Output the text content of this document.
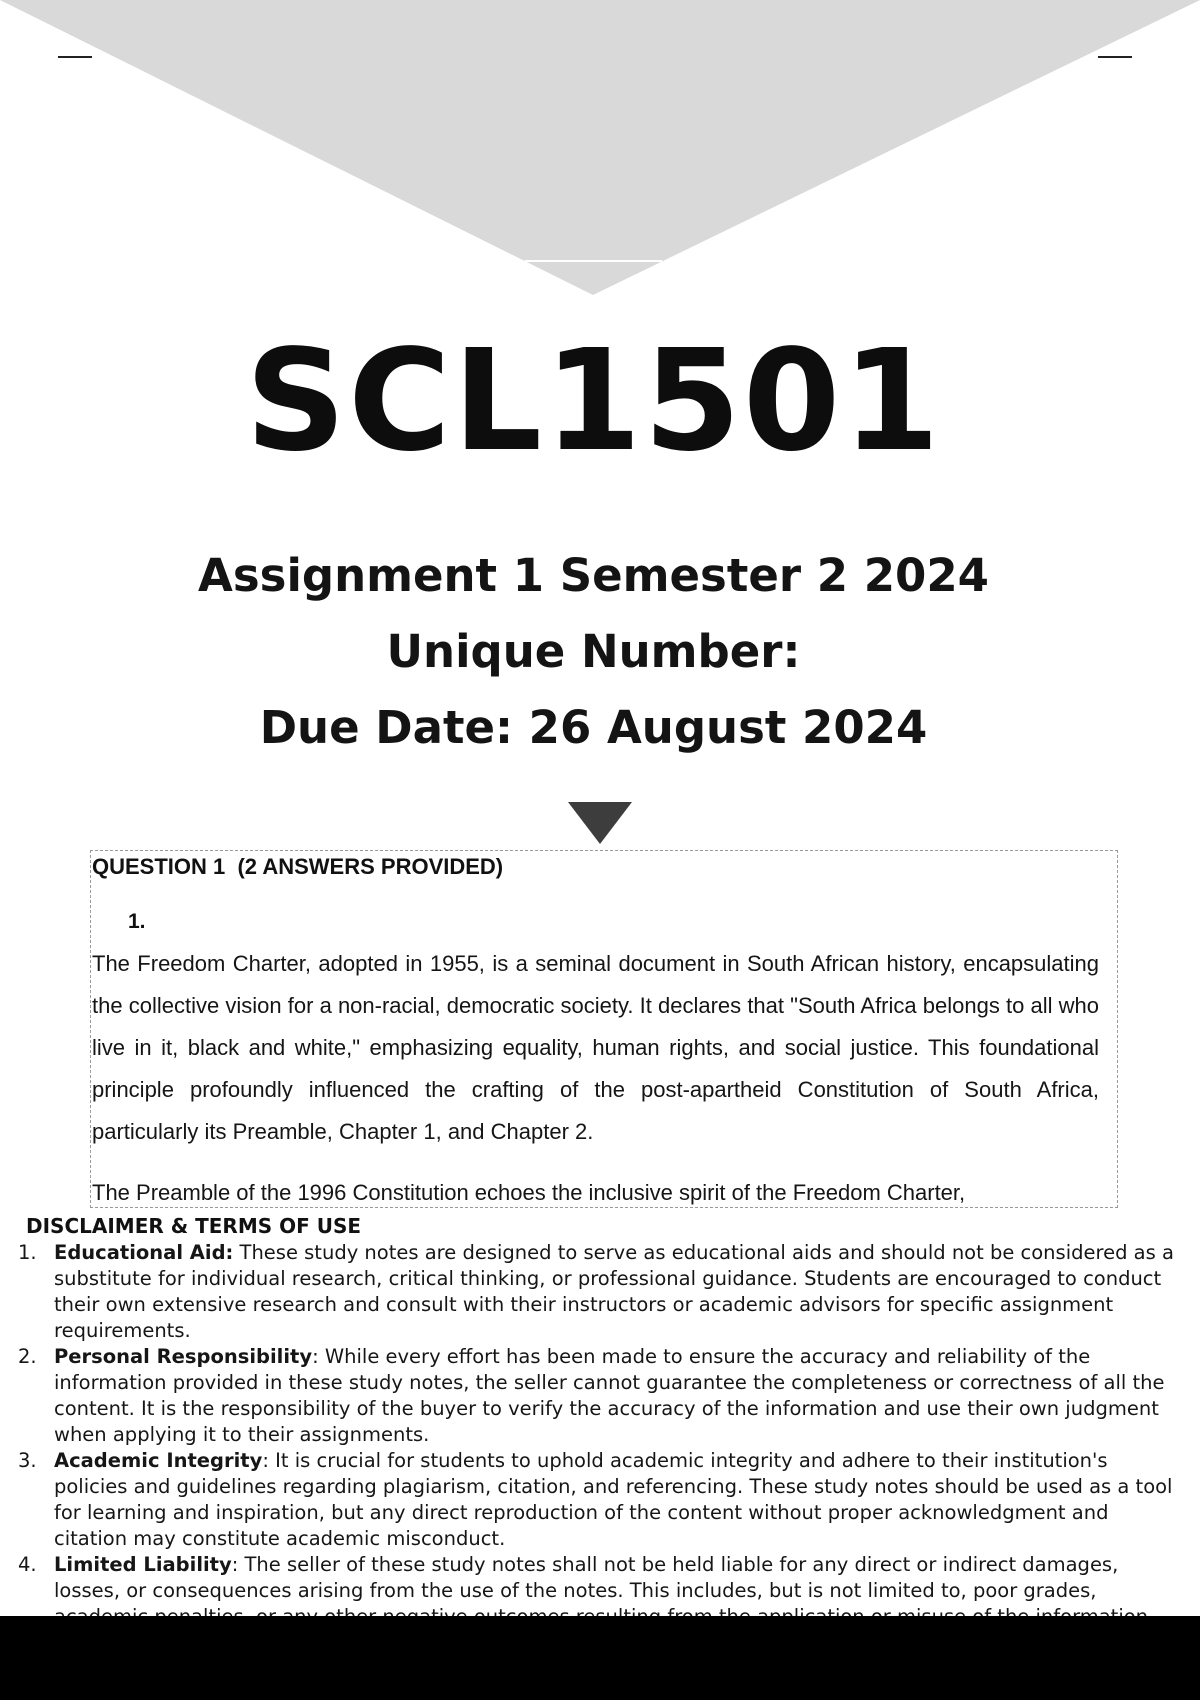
SCL1501
Assignment 1 Semester 2 2024
Unique Number:
Due Date: 26 August 2024
QUESTION 1  (2 ANSWERS PROVIDED)
1.

The Freedom Charter, adopted in 1955, is a seminal document in South African history, encapsulating the collective vision for a non-racial, democratic society. It declares that "South Africa belongs to all who live in it, black and white," emphasizing equality, human rights, and social justice. This foundational principle profoundly influenced the crafting of the post-apartheid Constitution of South Africa, particularly its Preamble, Chapter 1, and Chapter 2.

The Preamble of the 1996 Constitution echoes the inclusive spirit of the Freedom Charter,

DISCLAIMER & TERMS OF USE
1. Educational Aid: These study notes are designed to serve as educational aids and should not be considered as a substitute for individual research, critical thinking, or professional guidance. Students are encouraged to conduct their own extensive research and consult with their instructors or academic advisors for specific assignment requirements.
2. Personal Responsibility: While every effort has been made to ensure the accuracy and reliability of the information provided in these study notes, the seller cannot guarantee the completeness or correctness of all the content. It is the responsibility of the buyer to verify the accuracy of the information and use their own judgment when applying it to their assignments.
3. Academic Integrity: It is crucial for students to uphold academic integrity and adhere to their institution's policies and guidelines regarding plagiarism, citation, and referencing. These study notes should be used as a tool for learning and inspiration, but any direct reproduction of the content without proper acknowledgment and citation may constitute academic misconduct.
4. Limited Liability: The seller of these study notes shall not be held liable for any direct or indirect damages, losses, or consequences arising from the use of the notes. This includes, but is not limited to, poor grades,
